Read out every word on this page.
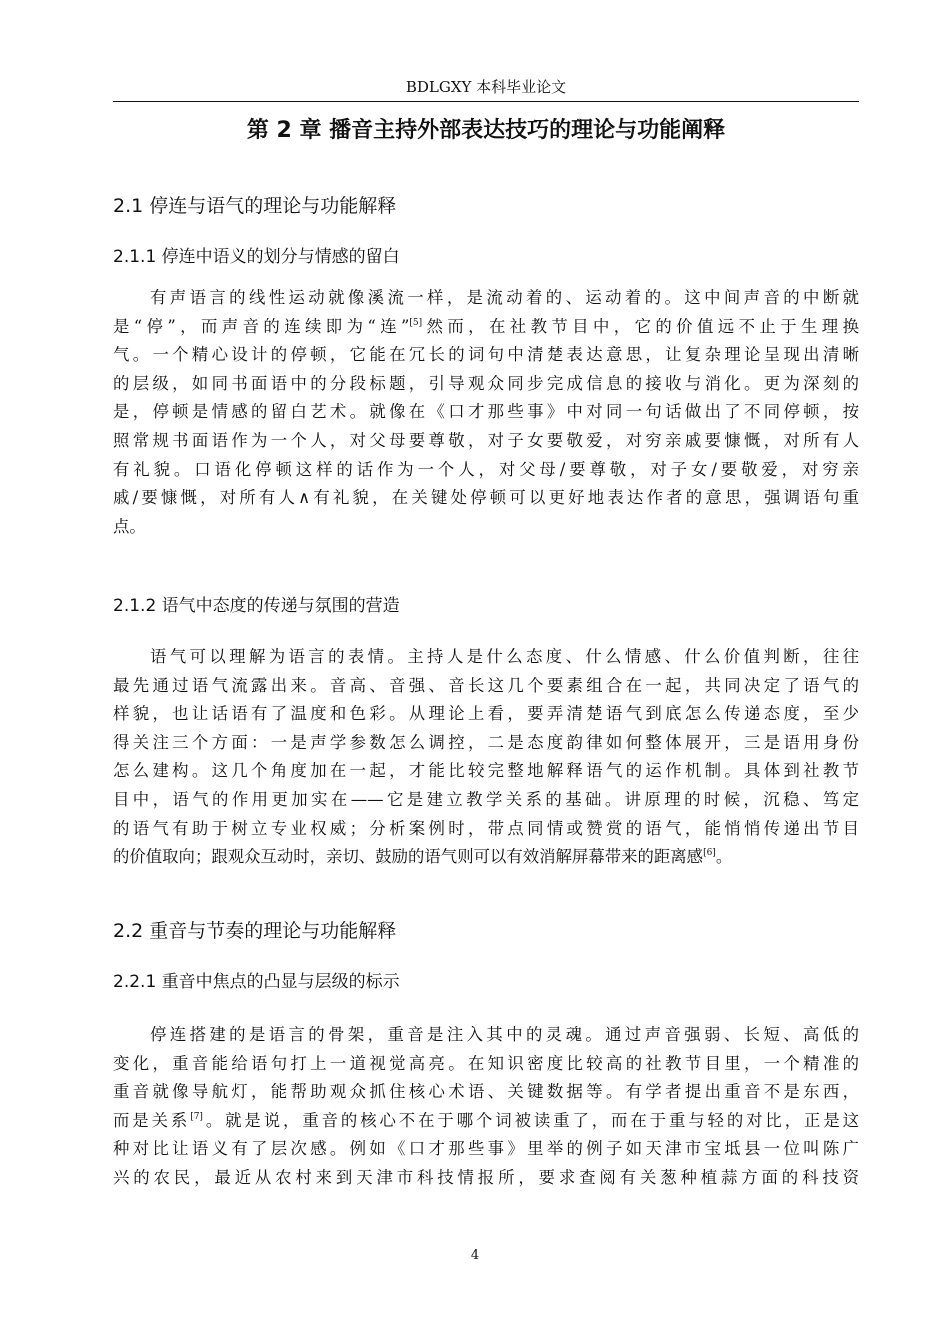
BDLGXY 本科毕业论文
第 2 章 播音主持外部表达技巧的理论与功能阐释
2.1 停连与语气的理论与功能解释
2.1.1 停连中语义的划分与情感的留白
有声语言的线性运动就像溪流一样，是流动着的、运动着的。这中间声音的中断就
是“停”，而声音的连续即为“连”[5]然而，在社教节目中，它的价值远不止于生理换
气。一个精心设计的停顿，它能在冗长的词句中清楚表达意思，让复杂理论呈现出清晰
的层级，如同书面语中的分段标题，引导观众同步完成信息的接收与消化。更为深刻的
是，停顿是情感的留白艺术。就像在《口才那些事》中对同一句话做出了不同停顿，按
照常规书面语作为一个人，对父母要尊敬，对子女要敬爱，对穷亲戚要慷慨，对所有人
有礼貌。口语化停顿这样的话作为一个人，对父母/要尊敬，对子女/要敬爱，对穷亲
戚/要慷慨，对所有人∧有礼貌，在关键处停顿可以更好地表达作者的意思，强调语句重
点。
2.1.2 语气中态度的传递与氛围的营造
语气可以理解为语言的表情。主持人是什么态度、什么情感、什么价值判断，往往
最先通过语气流露出来。音高、音强、音长这几个要素组合在一起，共同决定了语气的
样貌，也让话语有了温度和色彩。从理论上看，要弄清楚语气到底怎么传递态度，至少
得关注三个方面：一是声学参数怎么调控，二是态度韵律如何整体展开，三是语用身份
怎么建构。这几个角度加在一起，才能比较完整地解释语气的运作机制。具体到社教节
目中，语气的作用更加实在——它是建立教学关系的基础。讲原理的时候，沉稳、笃定
的语气有助于树立专业权威；分析案例时，带点同情或赞赏的语气，能悄悄传递出节目
的价值取向；跟观众互动时，亲切、鼓励的语气则可以有效消解屏幕带来的距离感[6]。
2.2 重音与节奏的理论与功能解释
2.2.1 重音中焦点的凸显与层级的标示
停连搭建的是语言的骨架，重音是注入其中的灵魂。通过声音强弱、长短、高低的
变化，重音能给语句打上一道视觉高亮。在知识密度比较高的社教节目里，一个精准的
重音就像导航灯，能帮助观众抓住核心术语、关键数据等。有学者提出重音不是东西，
而是关系[7]。就是说，重音的核心不在于哪个词被读重了，而在于重与轻的对比，正是这
种对比让语义有了层次感。例如《口才那些事》里举的例子如天津市宝坻县一位叫陈广
兴的农民，最近从农村来到天津市科技情报所，要求查阅有关葱种植蒜方面的科技资
4
